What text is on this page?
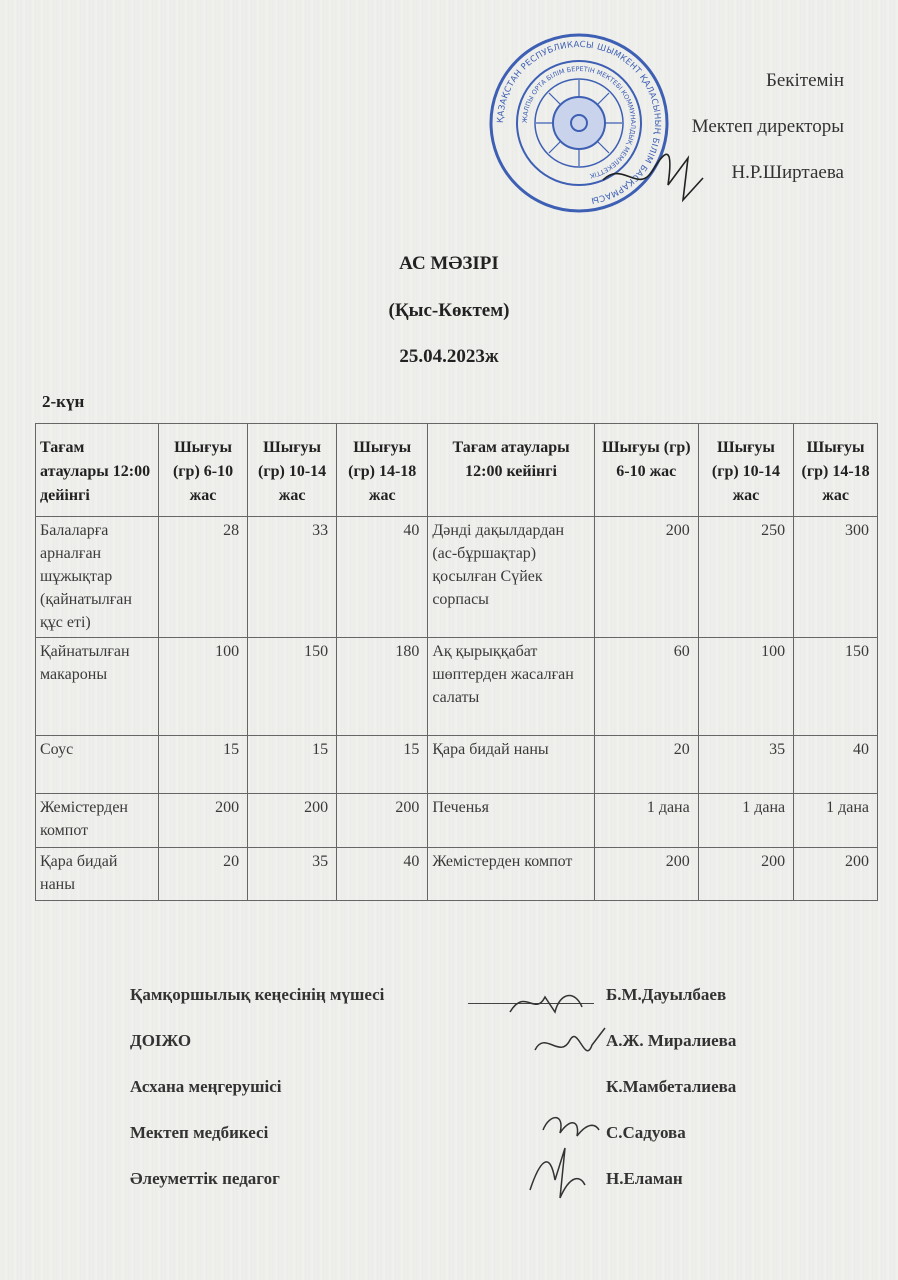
ҚАЗАҚСТАН РЕСПУБЛИКАСЫ ШЫМКЕНТ ҚАЛАСЫНЫҢ БІЛІМ БАСҚАРМАСЫ
ЖАЛПЫ ОРТА БІЛІМ БЕРЕТІН МЕКТЕБІ КОММУНАЛДЫҚ МЕМЛЕКЕТТІК
Бекітемін
Мектеп директоры
Н.Р.Ширтаева
АС МӘЗІРІ
(Қыс-Көктем)
25.04.2023ж
2-күн
Тағам атаулары 12:00 дейінгі	Шығуы (гр) 6-10 жас	Шығуы (гр) 10-14 жас	Шығуы (гр) 14-18 жас	Тағам атаулары 12:00 кейінгі	Шығуы (гр) 6-10 жас	Шығуы (гр) 10-14 жас	Шығуы (гр) 14-18 жас
Балаларға арналған шұжықтар (қайнатылған құс еті)	28	33	40	Дәнді дақылдардан (ас-бұршақтар) қосылған Сүйек сорпасы	200	250	300
Қайнатылған макароны	100	150	180	Ақ қырыққабат шөптерден жасалған салаты	60	100	150
Соус	15	15	15	Қара бидай наны	20	35	40
Жемістерден компот	200	200	200	Печенья	1 дана	1 дана	1 дана
Қара бидай наны	20	35	40	Жемістерден компот	200	200	200
Қамқоршылық кеңесінің мүшесі	Б.М.Дауылбаев
ДОІЖО	А.Ж. Миралиева
Асхана меңгерушісі	К.Мамбеталиева
Мектеп медбикесі	С.Садуова
Әлеуметтік педагог	Н.Еламан
